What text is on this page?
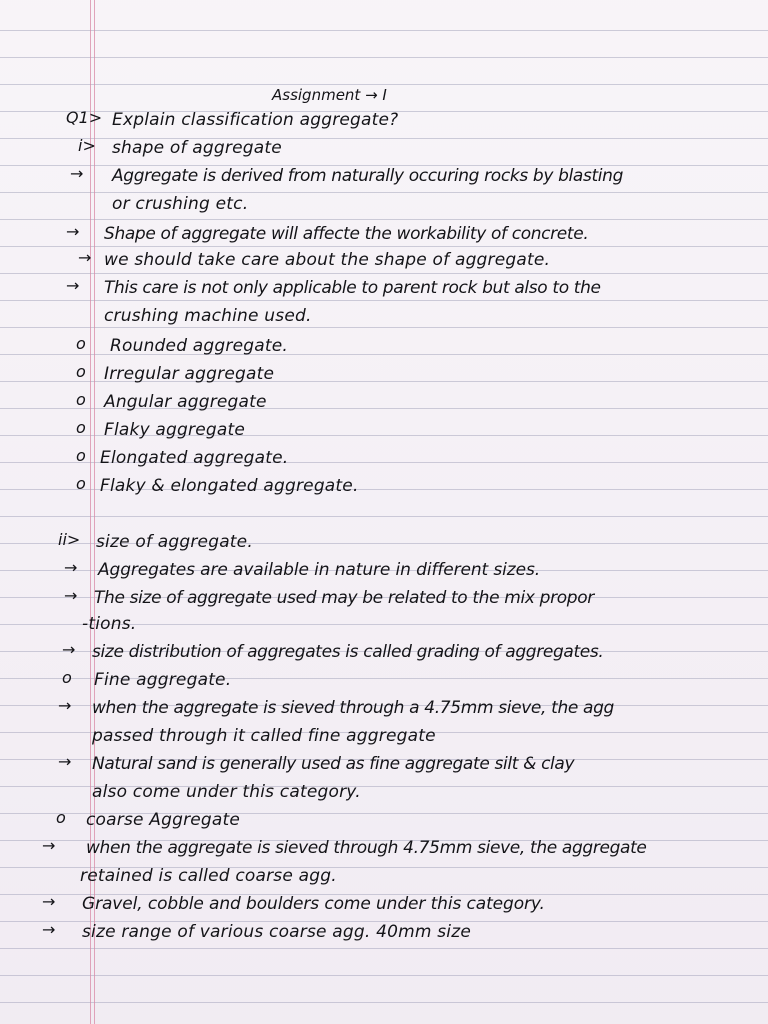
Assignment → I
Q1> Explain classification aggregate?
i> shape of aggregate
→ Aggregate is derived from naturally occuring rocks by blasting
or crushing etc.
→ Shape of aggregate will affecte the workability of concrete.
→ we should take care about the shape of aggregate.
→ This care is not only applicable to parent rock but also to the
crushing machine used.
o Rounded aggregate.
o Irregular aggregate
o Angular aggregate
o Flaky aggregate
o Elongated aggregate.
o Flaky & elongated aggregate.
ii> size of aggregate.
→ Aggregates are available in nature in different sizes.
→ The size of aggregate used may be related to the mix propor
-tions.
→ size distribution of aggregates is called grading of aggregates.
o Fine aggregate.
→ when the aggregate is sieved through a 4.75mm sieve, the agg
passed through it called fine aggregate
→ Natural sand is generally used as fine aggregate silt & clay
also come under this category.
o coarse Aggregate
→ when the aggregate is sieved through 4.75mm sieve, the aggregate
retained is called coarse agg.
→ Gravel, cobble and boulders come under this category.
→ size range of various coarse agg. 40mm size
